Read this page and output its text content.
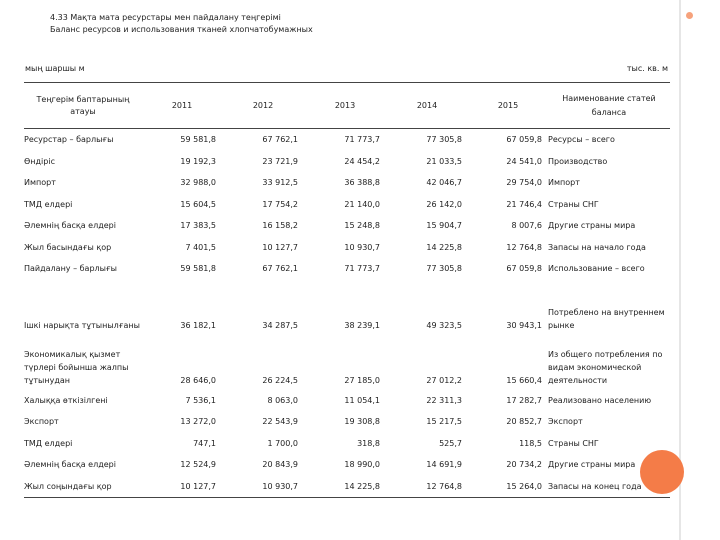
4.33 Мақта мата ресурстары мен пайдалану теңгерімі
Баланс ресурсов и использования тканей хлопчатобумажных
мың шаршы м	тыс. кв. м
Теңгерім баптарының атауы	2011	2012	2013	2014	2015	Наименование статей баланса
Ресурстар – барлығы	59 581,8	67 762,1	71 773,7	77 305,8	67 059,8	Ресурсы – всего
Өндіріс	19 192,3	23 721,9	24 454,2	21 033,5	24 541,0	Производство
Импорт	32 988,0	33 912,5	36 388,8	42 046,7	29 754,0	Импорт
ТМД елдері	15 604,5	17 754,2	21 140,0	26 142,0	21 746,4	Страны СНГ
Әлемнің басқа елдері	17 383,5	16 158,2	15 248,8	15 904,7	8 007,6	Другие страны мира
Жыл басындағы қор	7 401,5	10 127,7	10 930,7	14 225,8	12 764,8	Запасы на начало года
Пайдалану – барлығы	59 581,8	67 762,1	71 773,7	77 305,8	67 059,8	Использование – всего
Ішкі нарықта тұтынылғаны	36 182,1	34 287,5	38 239,1	49 323,5	30 943,1	Потреблено на внутреннем рынке
Экономикалық қызмет түрлері бойынша жалпы тұтынудан	28 646,0	26 224,5	27 185,0	27 012,2	15 660,4	Из общего потребления по видам экономической деятельности
Халыққа өткізілгені	7 536,1	8 063,0	11 054,1	22 311,3	17 282,7	Реализовано населению
Экспорт	13 272,0	22 543,9	19 308,8	15 217,5	20 852,7	Экспорт
ТМД елдері	747,1	1 700,0	318,8	525,7	118,5	Страны СНГ
Әлемнің басқа елдері	12 524,9	20 843,9	18 990,0	14 691,9	20 734,2	Другие страны мира
Жыл соңындағы қор	10 127,7	10 930,7	14 225,8	12 764,8	15 264,0	Запасы на конец года
